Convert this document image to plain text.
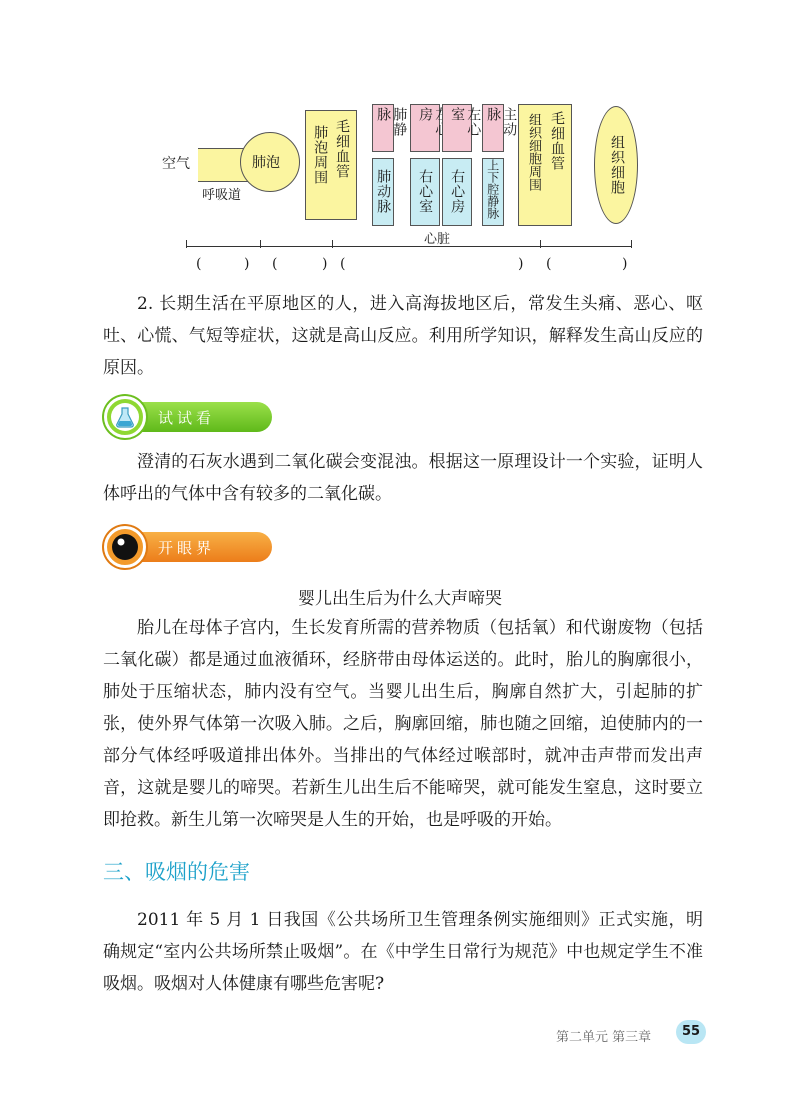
空气
呼吸道
肺泡	毛细血管
肺泡周围
肺静脉
肺动脉
房	左心室
右心室 右心房
主动脉
上下腔静脉
毛细血管
组织细胞周围	组织细胞
心脏
(	) (	) (	) (	)

2. 长期生活在平原地区的人，进入高海拔地区后，常发生头痛、恶心、呕吐、心慌、气短等症状，这就是高山反应。利用所学知识，解释发生高山反应的原因。

试试看

澄清的石灰水遇到二氧化碳会变混浊。根据这一原理设计一个实验，证明人体呼出的气体中含有较多的二氧化碳。

开眼界
婴儿出生后为什么大声啼哭

胎儿在母体子宫内，生长发育所需的营养物质（包括氧）和代谢废物（包括二氧化碳）都是通过血液循环，经脐带由母体运送的。此时，胎儿的胸廓很小，肺处于压缩状态，肺内没有空气。当婴儿出生后，胸廓自然扩大，引起肺的扩张，使外界气体第一次吸入肺。之后，胸廓回缩，肺也随之回缩，迫使肺内的一部分气体经呼吸道排出体外。当排出的气体经过喉部时，就冲击声带而发出声音，这就是婴儿的啼哭。若新生儿出生后不能啼哭，就可能发生窒息，这时要立即抢救。新生儿第一次啼哭是人生的开始，也是呼吸的开始。

三、吸烟的危害

2011 年 5 月 1 日我国《公共场所卫生管理条例实施细则》正式实施，明确规定“室内公共场所禁止吸烟”。在《中学生日常行为规范》中也规定学生不准吸烟。吸烟对人体健康有哪些危害呢?

第二单元 第三章	55
